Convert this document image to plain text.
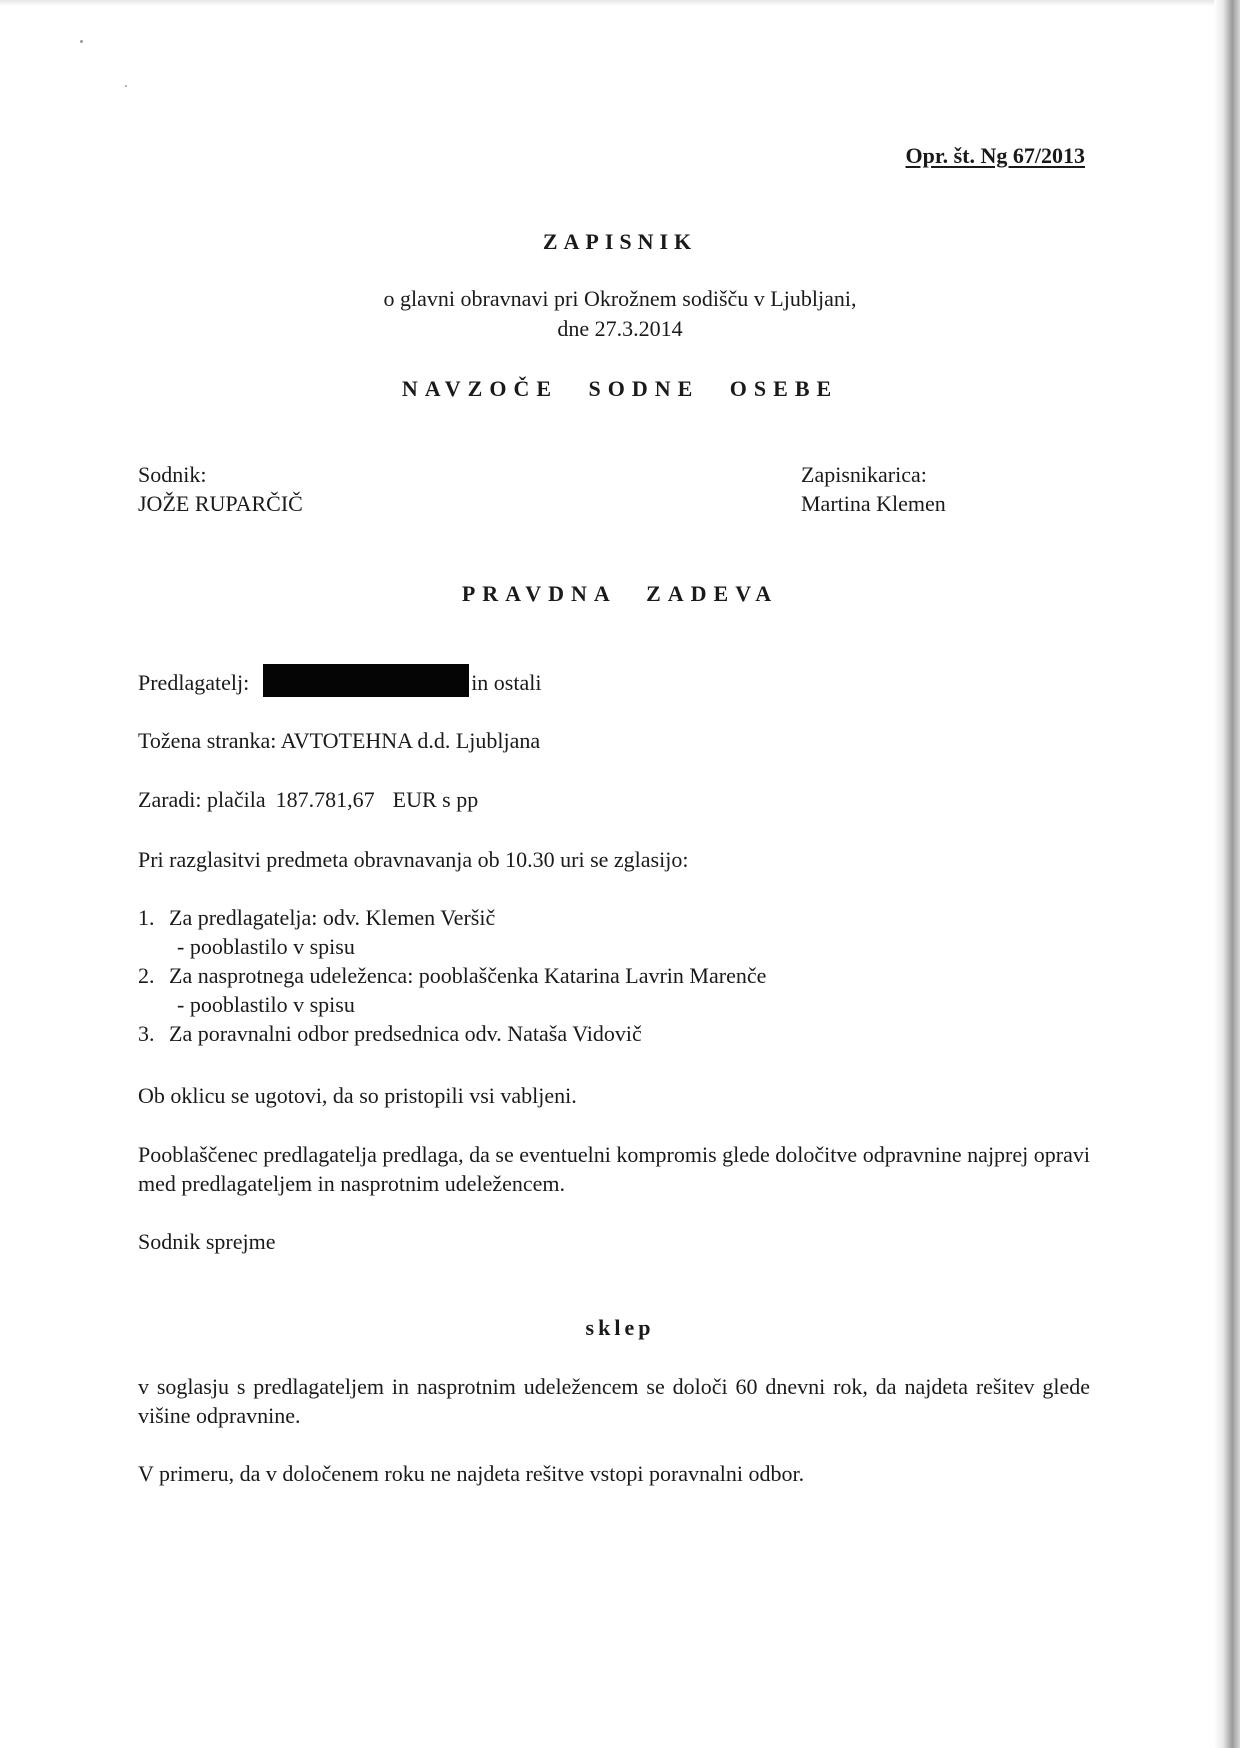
Opr. št. Ng 67/2013
ZAPISNIK
o glavni obravnavi pri Okrožnem sodišču v Ljubljani,
dne 27.3.2014
NAVZOČE SODNE OSEBE
Sodnik:
JOŽE RUPARČIČ
Zapisnikarica:
Martina Klemen
PRAVDNA ZADEVA
Predlagatelj:	in ostali
Tožena stranka: AVTOTEHNA d.d. Ljubljana
Zaradi: plačila 187.781,67 EUR s pp
Pri razglasitvi predmeta obravnavanja ob 10.30 uri se zglasijo:
1. Za predlagatelja: odv. Klemen Veršič
- pooblastilo v spisu
2. Za nasprotnega udeleženca: pooblaščenka Katarina Lavrin Marenče
- pooblastilo v spisu
3. Za poravnalni odbor predsednica odv. Nataša Vidovič
Ob oklicu se ugotovi, da so pristopili vsi vabljeni.
Pooblaščenec predlagatelja predlaga, da se eventuelni kompromis glede določitve odpravnine najprej opravi med predlagateljem in nasprotnim udeležencem.
Sodnik sprejme
sklep
v soglasju s predlagateljem in nasprotnim udeležencem se določi 60 dnevni rok, da najdeta rešitev glede višine odpravnine.
V primeru, da v določenem roku ne najdeta rešitve vstopi poravnalni odbor.
